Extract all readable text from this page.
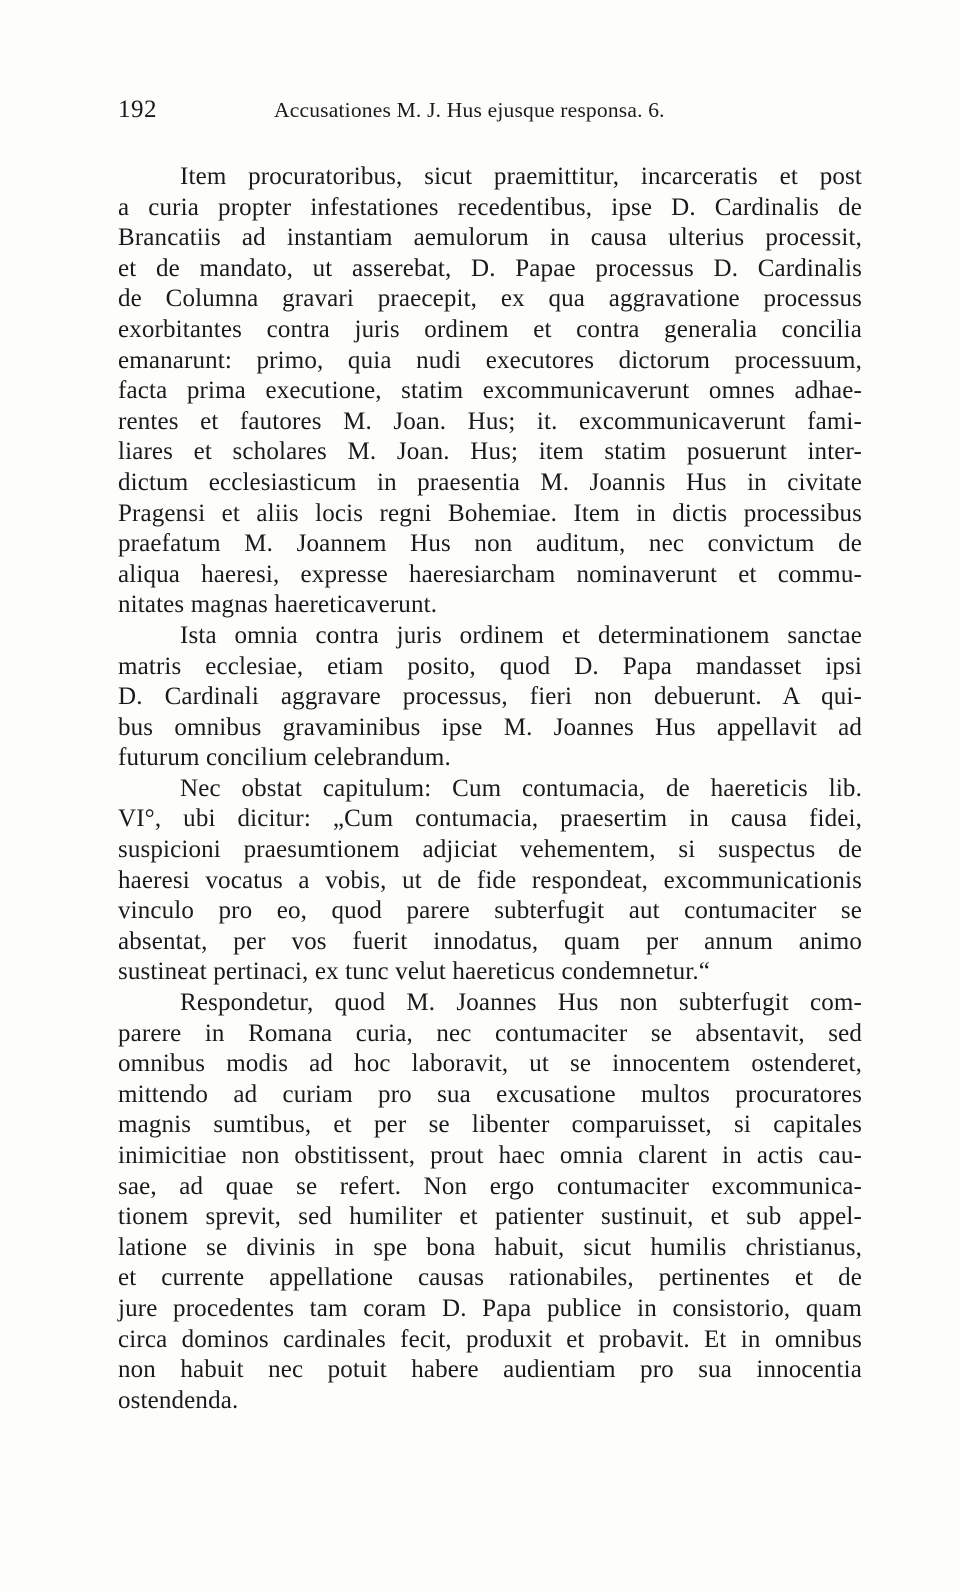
192	Accusationes M. J. Hus ejusque responsa. 6.
Item procuratoribus, sicut praemittitur, incarceratis et post
a curia propter infestationes recedentibus, ipse D. Cardinalis de
Brancatiis ad instantiam aemulorum in causa ulterius processit,
et de mandato, ut asserebat, D. Papae processus D. Cardinalis
de Columna gravari praecepit, ex qua aggravatione processus
exorbitantes contra juris ordinem et contra generalia concilia
emanarunt: primo, quia nudi executores dictorum processuum,
facta prima executione, statim excommunicaverunt omnes adhae-
rentes et fautores M. Joan. Hus; it. excommunicaverunt fami-
liares et scholares M. Joan. Hus; item statim posuerunt inter-
dictum ecclesiasticum in praesentia M. Joannis Hus in civitate
Pragensi et aliis locis regni Bohemiae. Item in dictis processibus
praefatum M. Joannem Hus non auditum, nec convictum de
aliqua haeresi, expresse haeresiarcham nominaverunt et commu-
nitates magnas haereticaverunt.
Ista omnia contra juris ordinem et determinationem sanctae
matris ecclesiae, etiam posito, quod D. Papa mandasset ipsi
D. Cardinali aggravare processus, fieri non debuerunt. A qui-
bus omnibus gravaminibus ipse M. Joannes Hus appellavit ad
futurum concilium celebrandum.
Nec obstat capitulum: Cum contumacia, de haereticis lib.
VI°, ubi dicitur: „Cum contumacia, praesertim in causa fidei,
suspicioni praesumtionem adjiciat vehementem, si suspectus de
haeresi vocatus a vobis, ut de fide respondeat, excommunicationis
vinculo pro eo, quod parere subterfugit aut contumaciter se
absentat, per vos fuerit innodatus, quam per annum animo
sustineat pertinaci, ex tunc velut haereticus condemnetur.“
Respondetur, quod M. Joannes Hus non subterfugit com-
parere in Romana curia, nec contumaciter se absentavit, sed
omnibus modis ad hoc laboravit, ut se innocentem ostenderet,
mittendo ad curiam pro sua excusatione multos procuratores
magnis sumtibus, et per se libenter comparuisset, si capitales
inimicitiae non obstitissent, prout haec omnia clarent in actis cau-
sae, ad quae se refert. Non ergo contumaciter excommunica-
tionem sprevit, sed humiliter et patienter sustinuit, et sub appel-
latione se divinis in spe bona habuit, sicut humilis christianus,
et currente appellatione causas rationabiles, pertinentes et de
jure procedentes tam coram D. Papa publice in consistorio, quam
circa dominos cardinales fecit, produxit et probavit. Et in omnibus
non habuit nec potuit habere audientiam pro sua innocentia
ostendenda.
